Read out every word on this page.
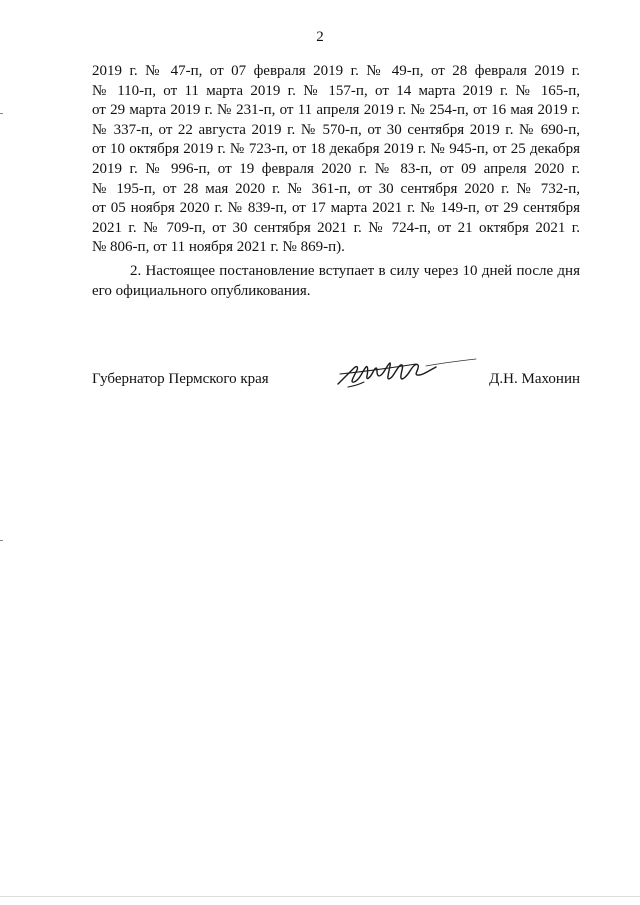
2
2019 г. № 47-п, от 07 февраля 2019 г. № 49-п, от 28 февраля 2019 г.
№ 110-п, от 11 марта 2019 г. № 157-п, от 14 марта 2019 г. № 165-п,
от 29 марта 2019 г. № 231-п, от 11 апреля 2019 г. № 254-п, от 16 мая 2019 г.
№ 337-п, от 22 августа 2019 г. № 570-п, от 30 сентября 2019 г. № 690-п,
от 10 октября 2019 г. № 723-п, от 18 декабря 2019 г. № 945-п, от 25 декабря
2019 г. № 996-п, от 19 февраля 2020 г. № 83-п, от 09 апреля 2020 г.
№ 195-п, от 28 мая 2020 г. № 361-п, от 30 сентября 2020 г. № 732-п,
от 05 ноября 2020 г. № 839-п, от 17 марта 2021 г. № 149-п, от 29 сентября
2021 г. № 709-п, от 30 сентября 2021 г. № 724-п, от 21 октября 2021 г.
№ 806-п, от 11 ноября 2021 г. № 869-п).
2. Настоящее постановление вступает в силу через 10 дней после дня
его официального опубликования.
Губернатор Пермского края	Д.Н. Махонин
